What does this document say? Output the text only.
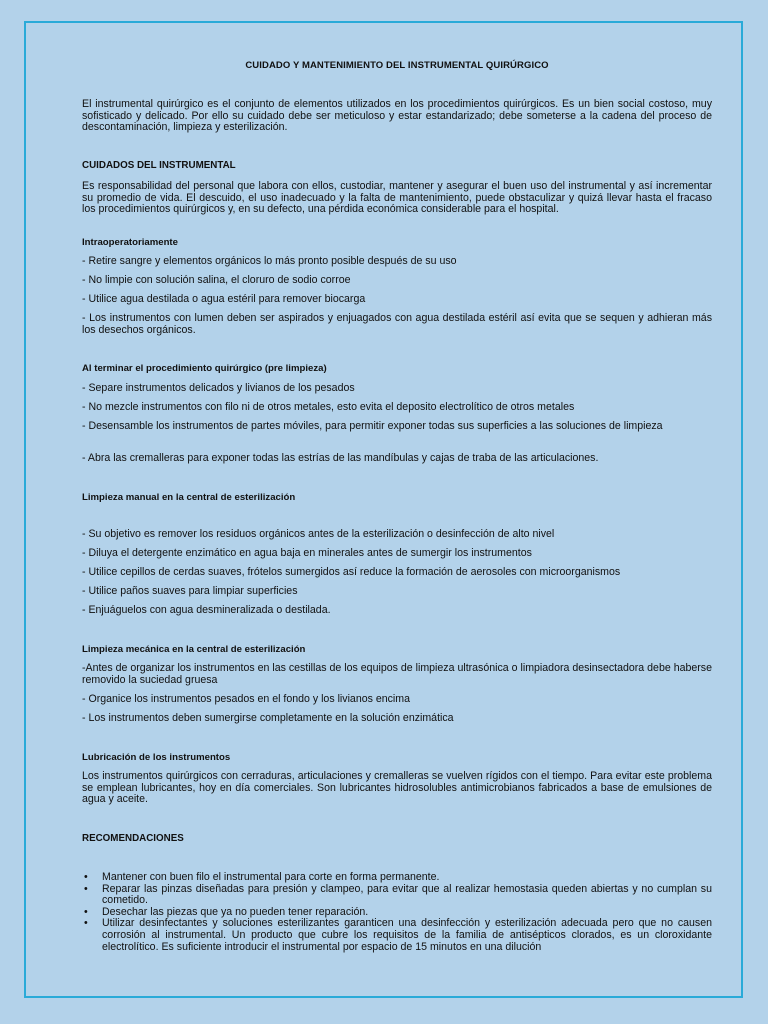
CUIDADO Y MANTENIMIENTO DEL INSTRUMENTAL QUIRÚRGICO

El instrumental quirúrgico es el conjunto de elementos utilizados en los procedimientos quirúrgicos. Es un bien social costoso, muy sofisticado y delicado. Por ello su cuidado debe ser meticuloso y estar estandarizado; debe someterse a la cadena del proceso de descontaminación, limpieza y esterilización.

CUIDADOS DEL INSTRUMENTAL

Es responsabilidad del personal que labora con ellos, custodiar, mantener y asegurar el buen uso del instrumental y así incrementar su promedio de vida. El descuido, el uso inadecuado y la falta de mantenimiento, puede obstaculizar y quizá llevar hasta el fracaso los procedimientos quirúrgicos y, en su defecto, una pérdida económica considerable para el hospital.

Intraoperatoriamente

- Retire sangre y elementos orgánicos lo más pronto posible después de su uso

- No limpie con solución salina, el cloruro de sodio corroe

- Utilice agua destilada o agua estéril para remover biocarga

- Los instrumentos con lumen deben ser aspirados y enjuagados con agua destilada estéril así evita que se sequen y adhieran más los desechos orgánicos.

Al terminar el procedimiento quirúrgico (pre limpieza)

- Separe instrumentos delicados y livianos de los pesados

- No mezcle instrumentos con filo ni de otros metales, esto evita el deposito electrolítico de otros metales

- Desensamble los instrumentos de partes móviles, para permitir exponer todas sus superficies a las soluciones de limpieza

- Abra las cremalleras para exponer todas las estrías de las mandíbulas y cajas de traba de las articulaciones.

Limpieza manual en la central de esterilización

- Su objetivo es remover los residuos orgánicos antes de la esterilización o desinfección de alto nivel

- Diluya el detergente enzimático en agua baja en minerales antes de sumergir los instrumentos

- Utilice cepillos de cerdas suaves, frótelos sumergidos así reduce la formación de aerosoles con microorganismos

- Utilice paños suaves para limpiar superficies

- Enjuáguelos con agua desmineralizada o destilada.

Limpieza mecánica en la central de esterilización

-Antes de organizar los instrumentos en las cestillas de los equipos de limpieza ultrasónica o limpiadora desinsectadora debe haberse removido la suciedad gruesa

- Organice los instrumentos pesados en el fondo y los livianos encima

- Los instrumentos deben sumergirse completamente en la solución enzimática

Lubricación de los instrumentos

Los instrumentos quirúrgicos con cerraduras, articulaciones y cremalleras se vuelven rígidos con el tiempo. Para evitar este problema se emplean lubricantes, hoy en día comerciales. Son lubricantes hidrosolubles antimicrobianos fabricados a base de emulsiones de agua y aceite.

RECOMENDACIONES
• Mantener con buen filo el instrumental para corte en forma permanente.
• Reparar las pinzas diseñadas para presión y clampeo, para evitar que al realizar hemostasia queden abiertas y no cumplan su cometido.
• Desechar las piezas que ya no pueden tener reparación.
• Utilizar desinfectantes y soluciones esterilizantes garanticen una desinfección y esterilización adecuada pero que no causen corrosión al instrumental. Un producto que cubre los requisitos de la familia de antisépticos clorados, es un cloroxidante electrolítico. Es suficiente introducir el instrumental por espacio de 15 minutos en una dilución
